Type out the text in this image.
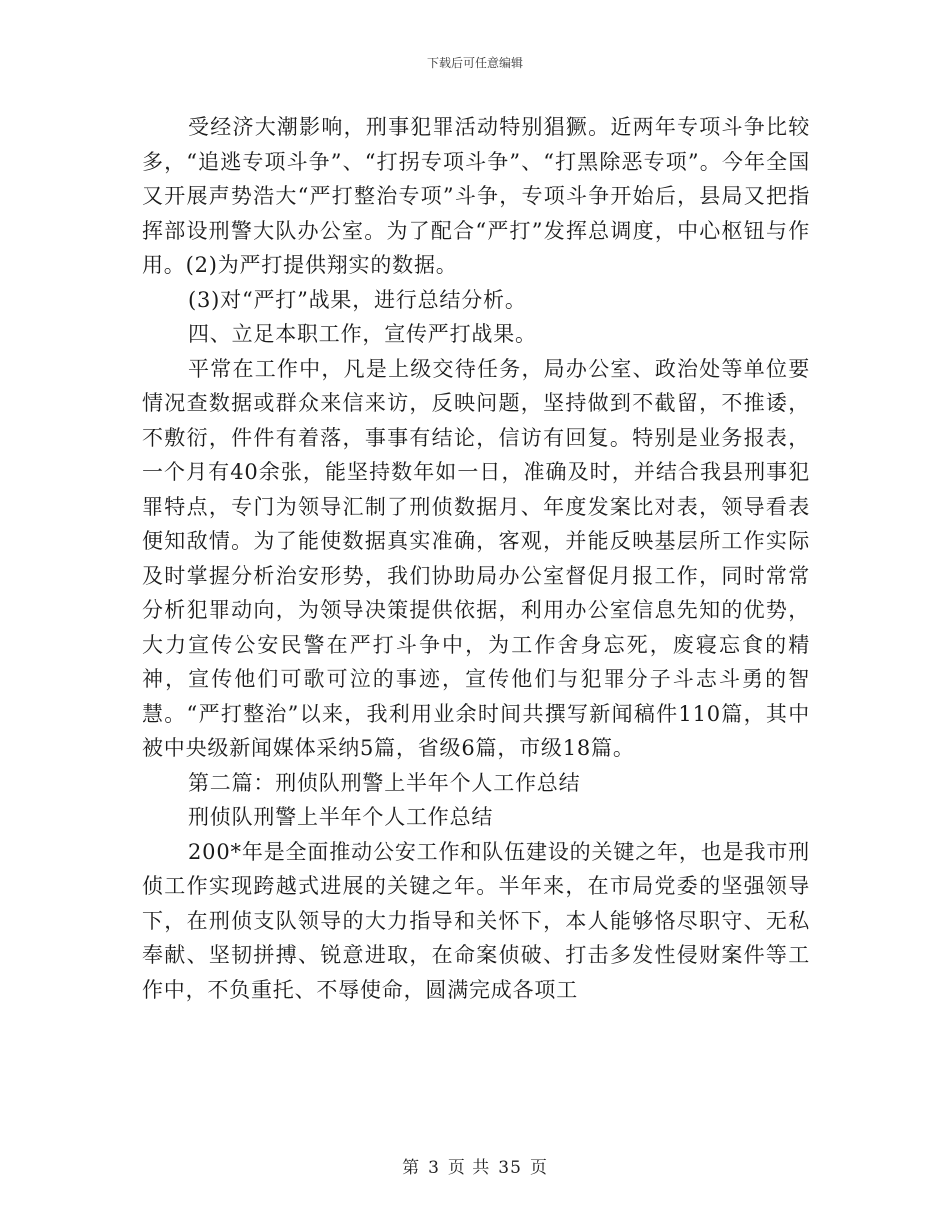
下载后可任意编辑

受经济大潮影响，刑事犯罪活动特别猖獗。近两年专项斗争比较多，“追逃专项斗争”、“打拐专项斗争”、“打黑除恶专项”。今年全国又开展声势浩大“严打整治专项”斗争，专项斗争开始后，县局又把指挥部设刑警大队办公室。为了配合“严打”发挥总调度，中心枢钮与作用。(2)为严打提供翔实的数据。

(3)对“严打”战果，进行总结分析。

四、立足本职工作，宣传严打战果。

平常在工作中，凡是上级交待任务，局办公室、政治处等单位要情况查数据或群众来信来访，反映问题，坚持做到不截留，不推诿，不敷衍，件件有着落，事事有结论，信访有回复。特别是业务报表，一个月有40余张，能坚持数年如一日，准确及时，并结合我县刑事犯罪特点，专门为领导汇制了刑侦数据月、年度发案比对表，领导看表便知敌情。为了能使数据真实准确，客观，并能反映基层所工作实际及时掌握分析治安形势，我们协助局办公室督促月报工作，同时常常分析犯罪动向，为领导决策提供依据，利用办公室信息先知的优势，大力宣传公安民警在严打斗争中，为工作舍身忘死，废寝忘食的精神，宣传他们可歌可泣的事迹，宣传他们与犯罪分子斗志斗勇的智慧。“严打整治”以来，我利用业余时间共撰写新闻稿件110篇，其中被中央级新闻媒体采纳5篇，省级6篇，市级18篇。

第二篇：刑侦队刑警上半年个人工作总结

刑侦队刑警上半年个人工作总结

200*年是全面推动公安工作和队伍建设的关键之年，也是我市刑侦工作实现跨越式进展的关键之年。半年来，在市局党委的坚强领导下，在刑侦支队领导的大力指导和关怀下，本人能够恪尽职守、无私奉献、坚韧拼搏、锐意进取，在命案侦破、打击多发性侵财案件等工作中，不负重托、不辱使命，圆满完成各项工

第 3 页 共 35 页
